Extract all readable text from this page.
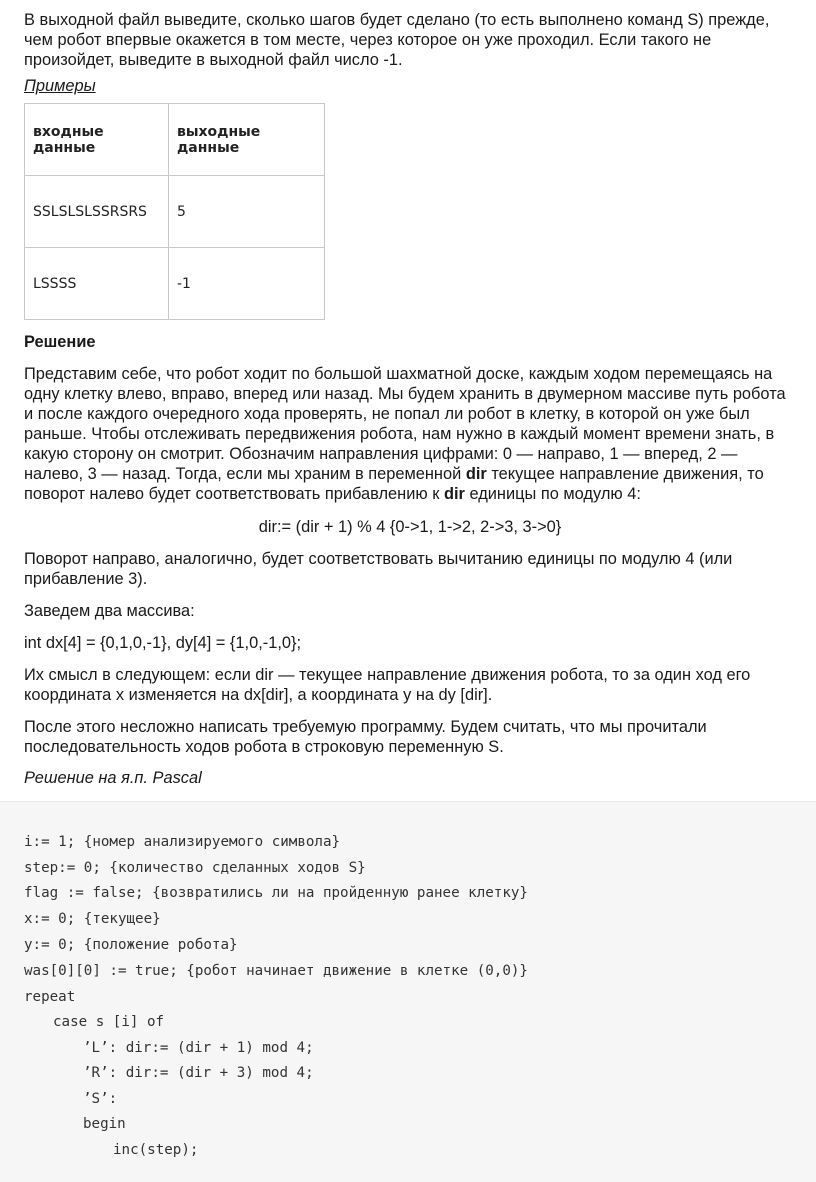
В выходной файл выведите, сколько шагов будет сделано (то есть выполнено команд S) прежде, чем робот впервые окажется в том месте, через которое он уже проходил. Если такого не произойдет, выведите в выходной файл число -1.

Примеры

входные данные	выходные данные
SSLSLSLSSRSRS	5
LSSSS	-1

Решение

Представим себе, что робот ходит по большой шахматной доске, каждым ходом перемещаясь на одну клетку влево, вправо, вперед или назад. Мы будем хранить в двумерном массиве путь робота и после каждого очередного хода проверять, не попал ли робот в клетку, в которой он уже был раньше. Чтобы отслеживать передвижения робота, нам нужно в каждый момент времени знать, в какую сторону он смотрит. Обозначим направления цифрами: 0 — направо, 1 — вперед, 2 — налево, 3 — назад. Тогда, если мы храним в переменной dir текущее направление движения, то поворот налево будет соответствовать прибавлению к dir единицы по модулю 4:

dir:= (dir + 1) % 4 {0->1, 1->2, 2->3, 3->0}

Поворот направо, аналогично, будет соответствовать вычитанию единицы по модулю 4 (или прибавление 3).

Заведем два массива:

int dx[4] = {0,1,0,-1}, dy[4] = {1,0,-1,0};

Их смысл в следующем: если dir — текущее направление движения робота, то за один ход его координата x изменяется на dx[dir], а координата y на dy [dir].

После этого несложно написать требуемую программу. Будем считать, что мы прочитали последовательность ходов робота в строковую переменную S.

Решение на я.п. Pascal

i:= 1; {номер анализируемого символа}
step:= 0; {количество сделанных ходов S}
flag := false; {возвратились ли на пройденную ранее клетку}
x:= 0; {текущее}
y:= 0; {положение робота}
was[0][0] := true; {робот начинает движение в клетке (0,0)}
repeat
case s [i] of
’L’: dir:= (dir + 1) mod 4;
’R’: dir:= (dir + 3) mod 4;
’S’:
begin
inc(step);
